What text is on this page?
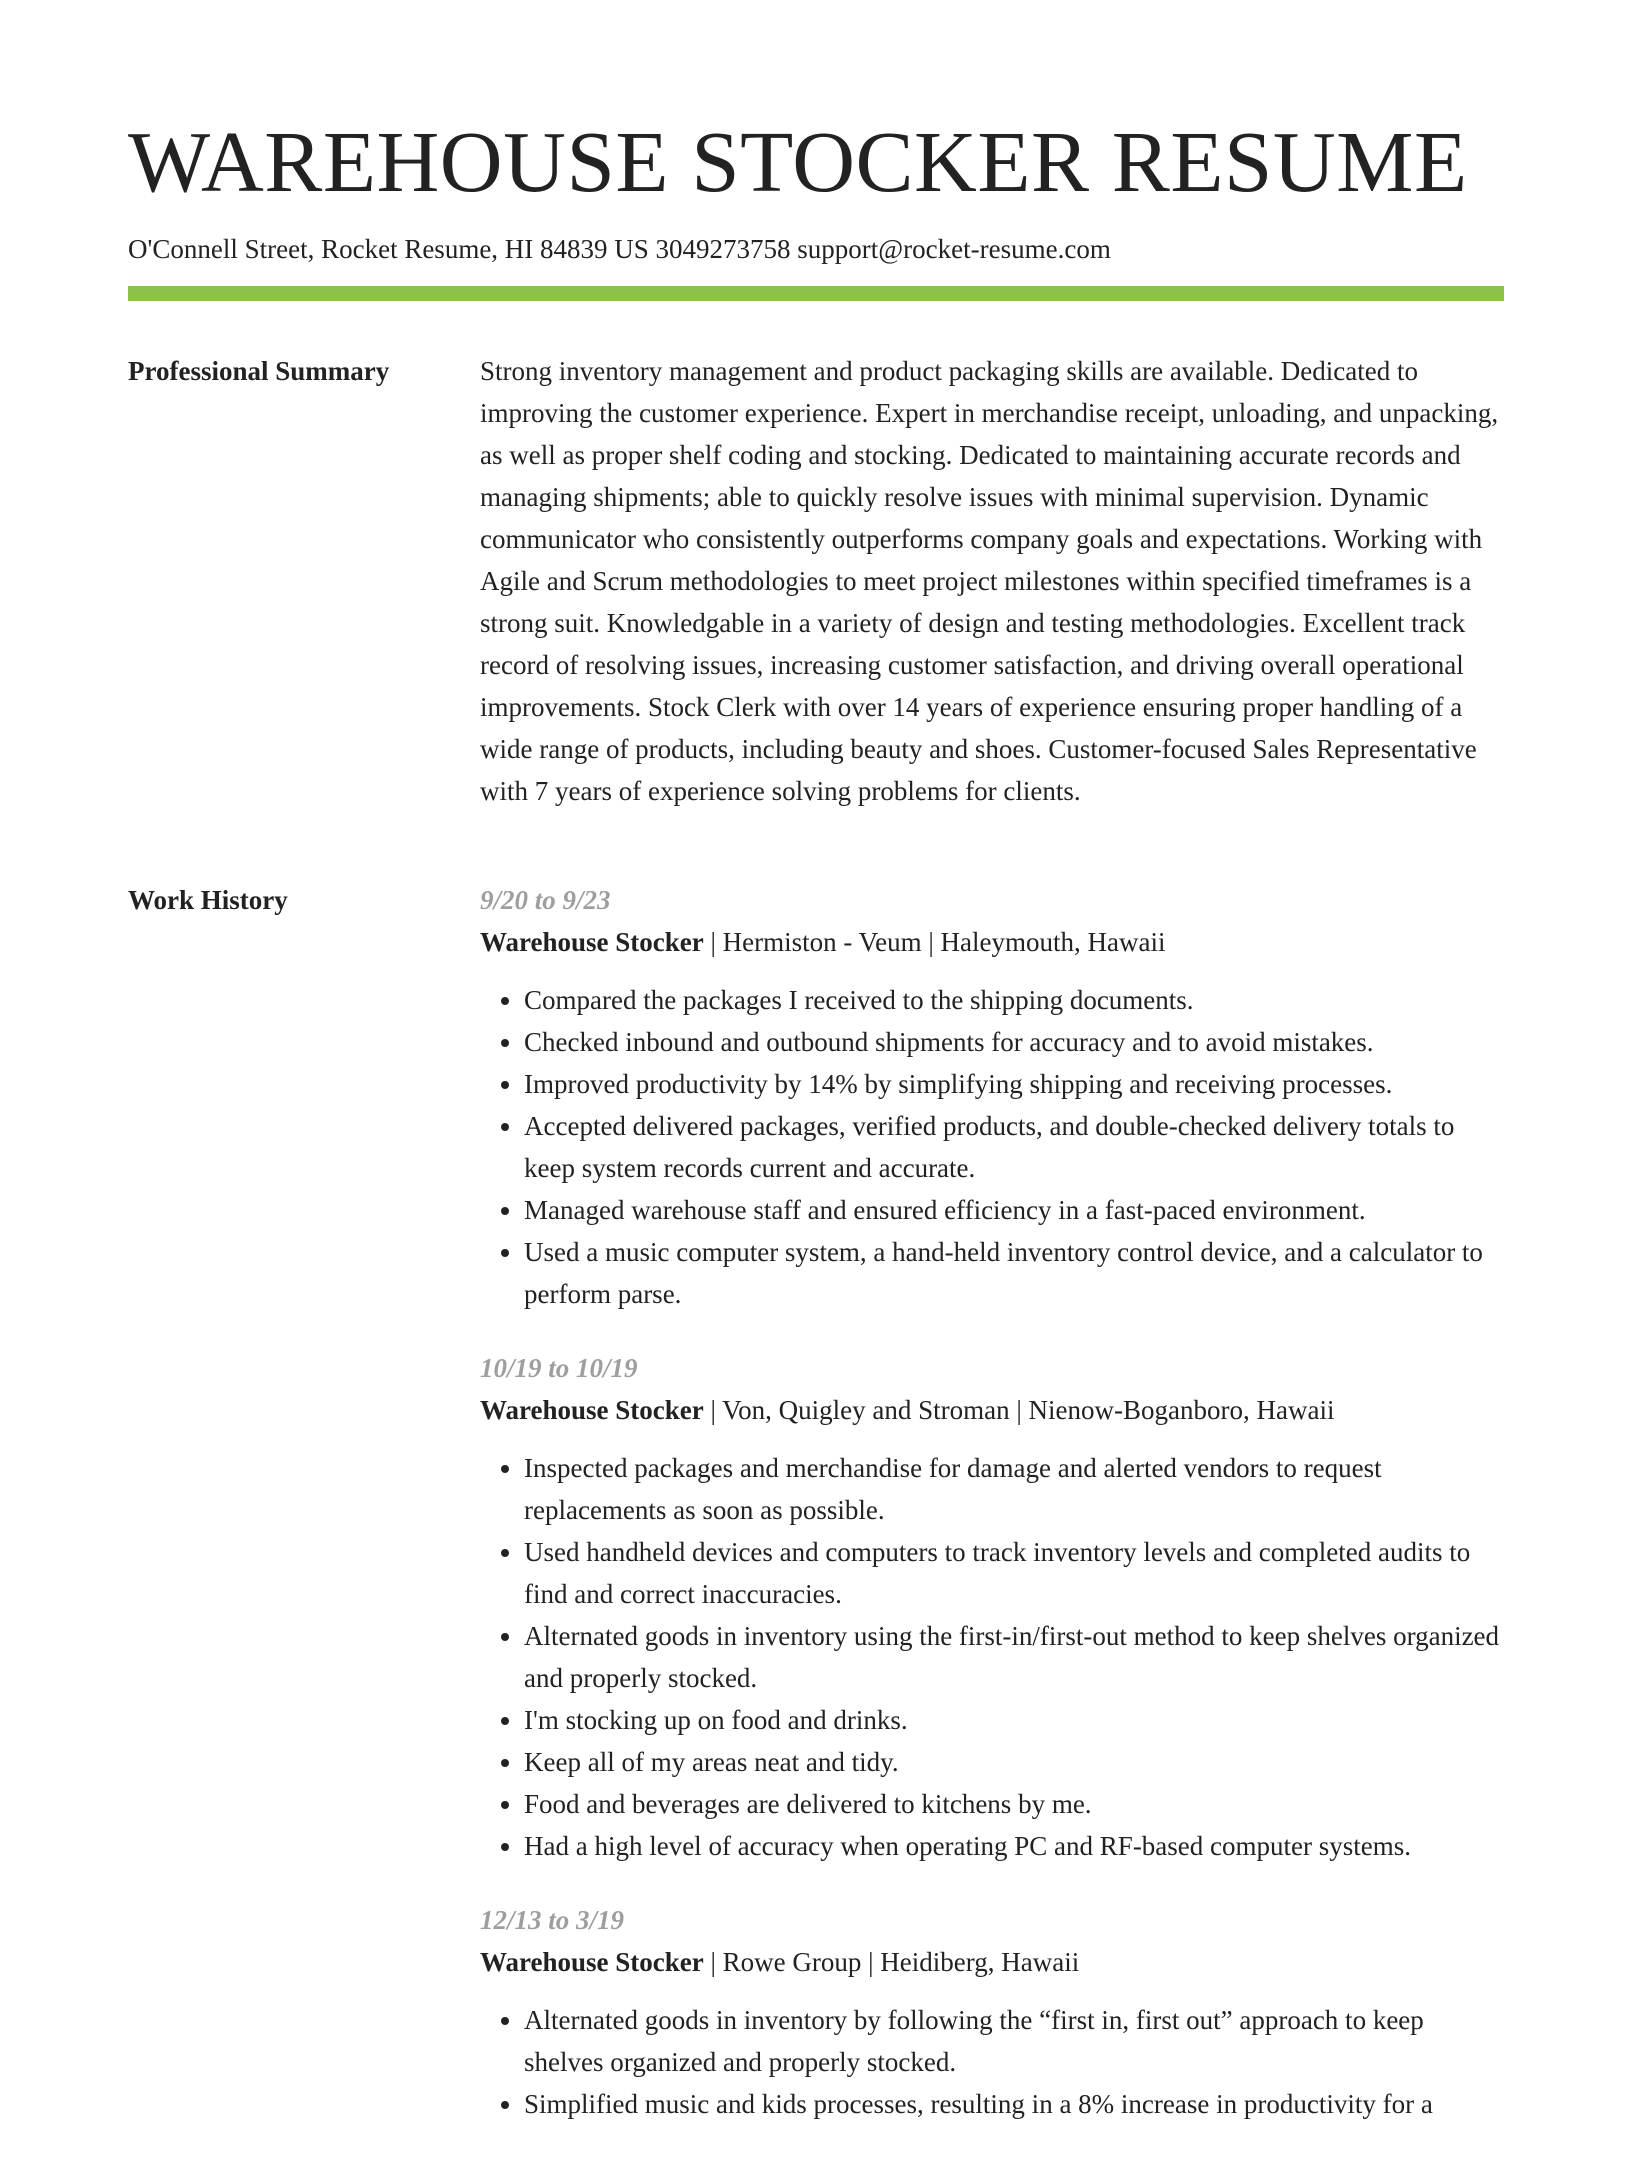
WAREHOUSE STOCKER RESUME
O'Connell Street, Rocket Resume, HI 84839 US 3049273758 support@rocket-resume.com
Professional Summary	Strong inventory management and product packaging skills are available. Dedicated to improving the customer experience. Expert in merchandise receipt, unloading, and unpacking, as well as proper shelf coding and stocking. Dedicated to maintaining accurate records and managing shipments; able to quickly resolve issues with minimal supervision. Dynamic communicator who consistently outperforms company goals and expectations. Working with Agile and Scrum methodologies to meet project milestones within specified timeframes is a strong suit. Knowledgable in a variety of design and testing methodologies. Excellent track record of resolving issues, increasing customer satisfaction, and driving overall operational improvements. Stock Clerk with over 14 years of experience ensuring proper handling of a wide range of products, including beauty and shoes. Customer-focused Sales Representative with 7 years of experience solving problems for clients.

Work History	9/20 to 9/23
Warehouse Stocker | Hermiston - Veum | Haleymouth, Hawaii
• Compared the packages I received to the shipping documents.
• Checked inbound and outbound shipments for accuracy and to avoid mistakes.
• Improved productivity by 14% by simplifying shipping and receiving processes.
• Accepted delivered packages, verified products, and double-checked delivery totals to keep system records current and accurate.
• Managed warehouse staff and ensured efficiency in a fast-paced environment.
• Used a music computer system, a hand-held inventory control device, and a calculator to perform parse.
10/19 to 10/19
Warehouse Stocker | Von, Quigley and Stroman | Nienow-Boganboro, Hawaii
• Inspected packages and merchandise for damage and alerted vendors to request replacements as soon as possible.
• Used handheld devices and computers to track inventory levels and completed audits to find and correct inaccuracies.
• Alternated goods in inventory using the first-in/first-out method to keep shelves organized and properly stocked.
• I'm stocking up on food and drinks.
• Keep all of my areas neat and tidy.
• Food and beverages are delivered to kitchens by me.
• Had a high level of accuracy when operating PC and RF-based computer systems.
12/13 to 3/19
Warehouse Stocker | Rowe Group | Heidiberg, Hawaii
• Alternated goods in inventory by following the “first in, first out” approach to keep shelves organized and properly stocked.
• Simplified music and kids processes, resulting in a 8% increase in productivity for a
